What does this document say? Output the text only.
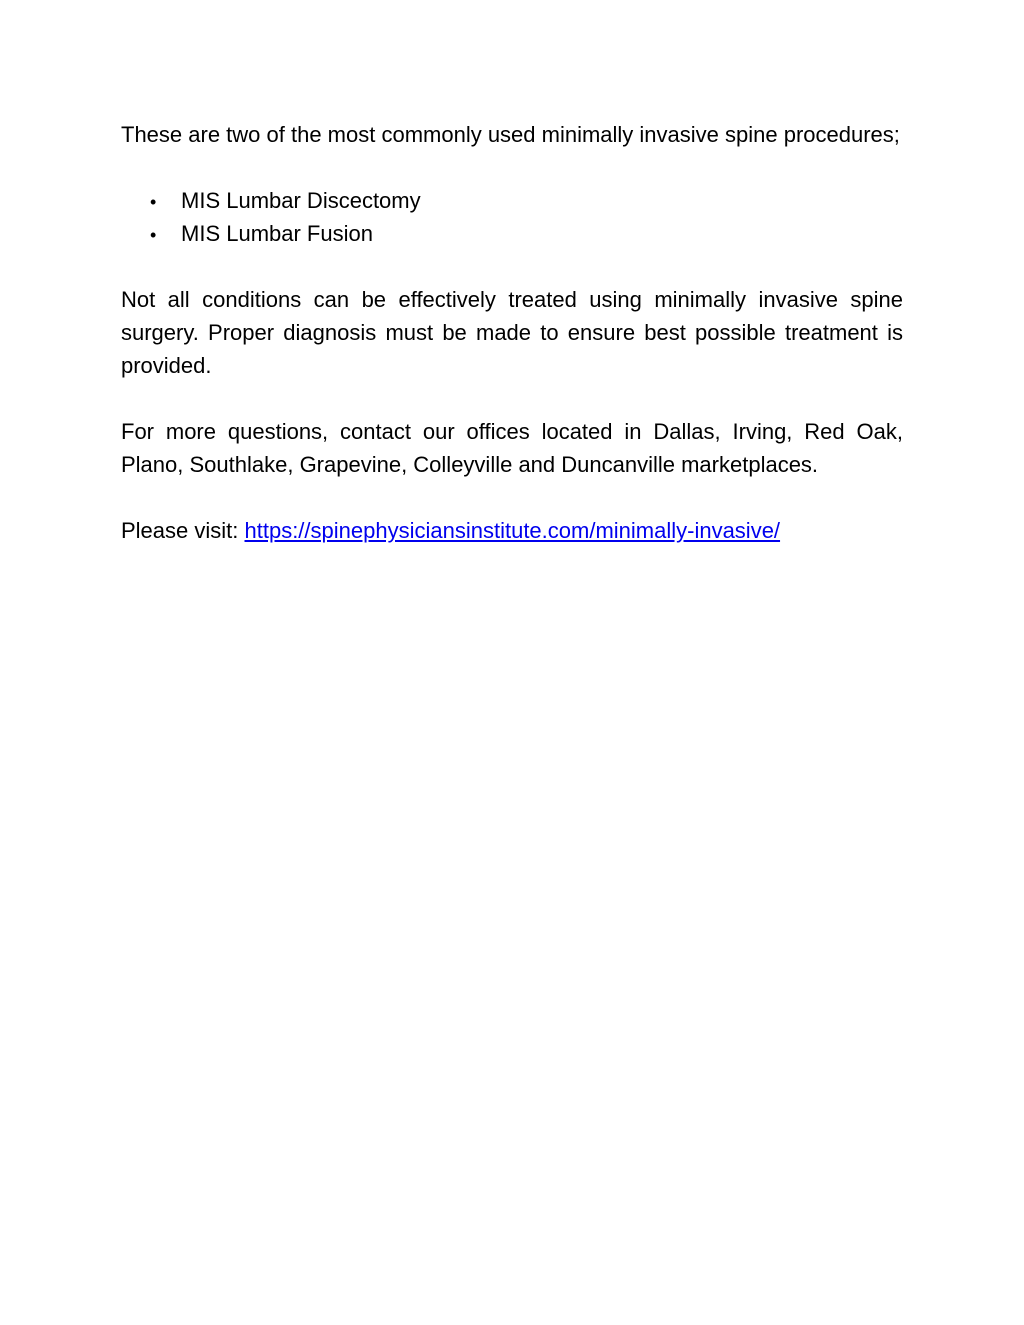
These are two of the most commonly used minimally invasive spine procedures;

•	MIS Lumbar Discectomy
•	MIS Lumbar Fusion

Not all conditions can be effectively treated using minimally invasive spine surgery. Proper diagnosis must be made to ensure best possible treatment is provided.

For more questions, contact our offices located in Dallas, Irving, Red Oak, Plano, Southlake, Grapevine, Colleyville and Duncanville marketplaces.

Please visit: https://spinephysiciansinstitute.com/minimally-invasive/
